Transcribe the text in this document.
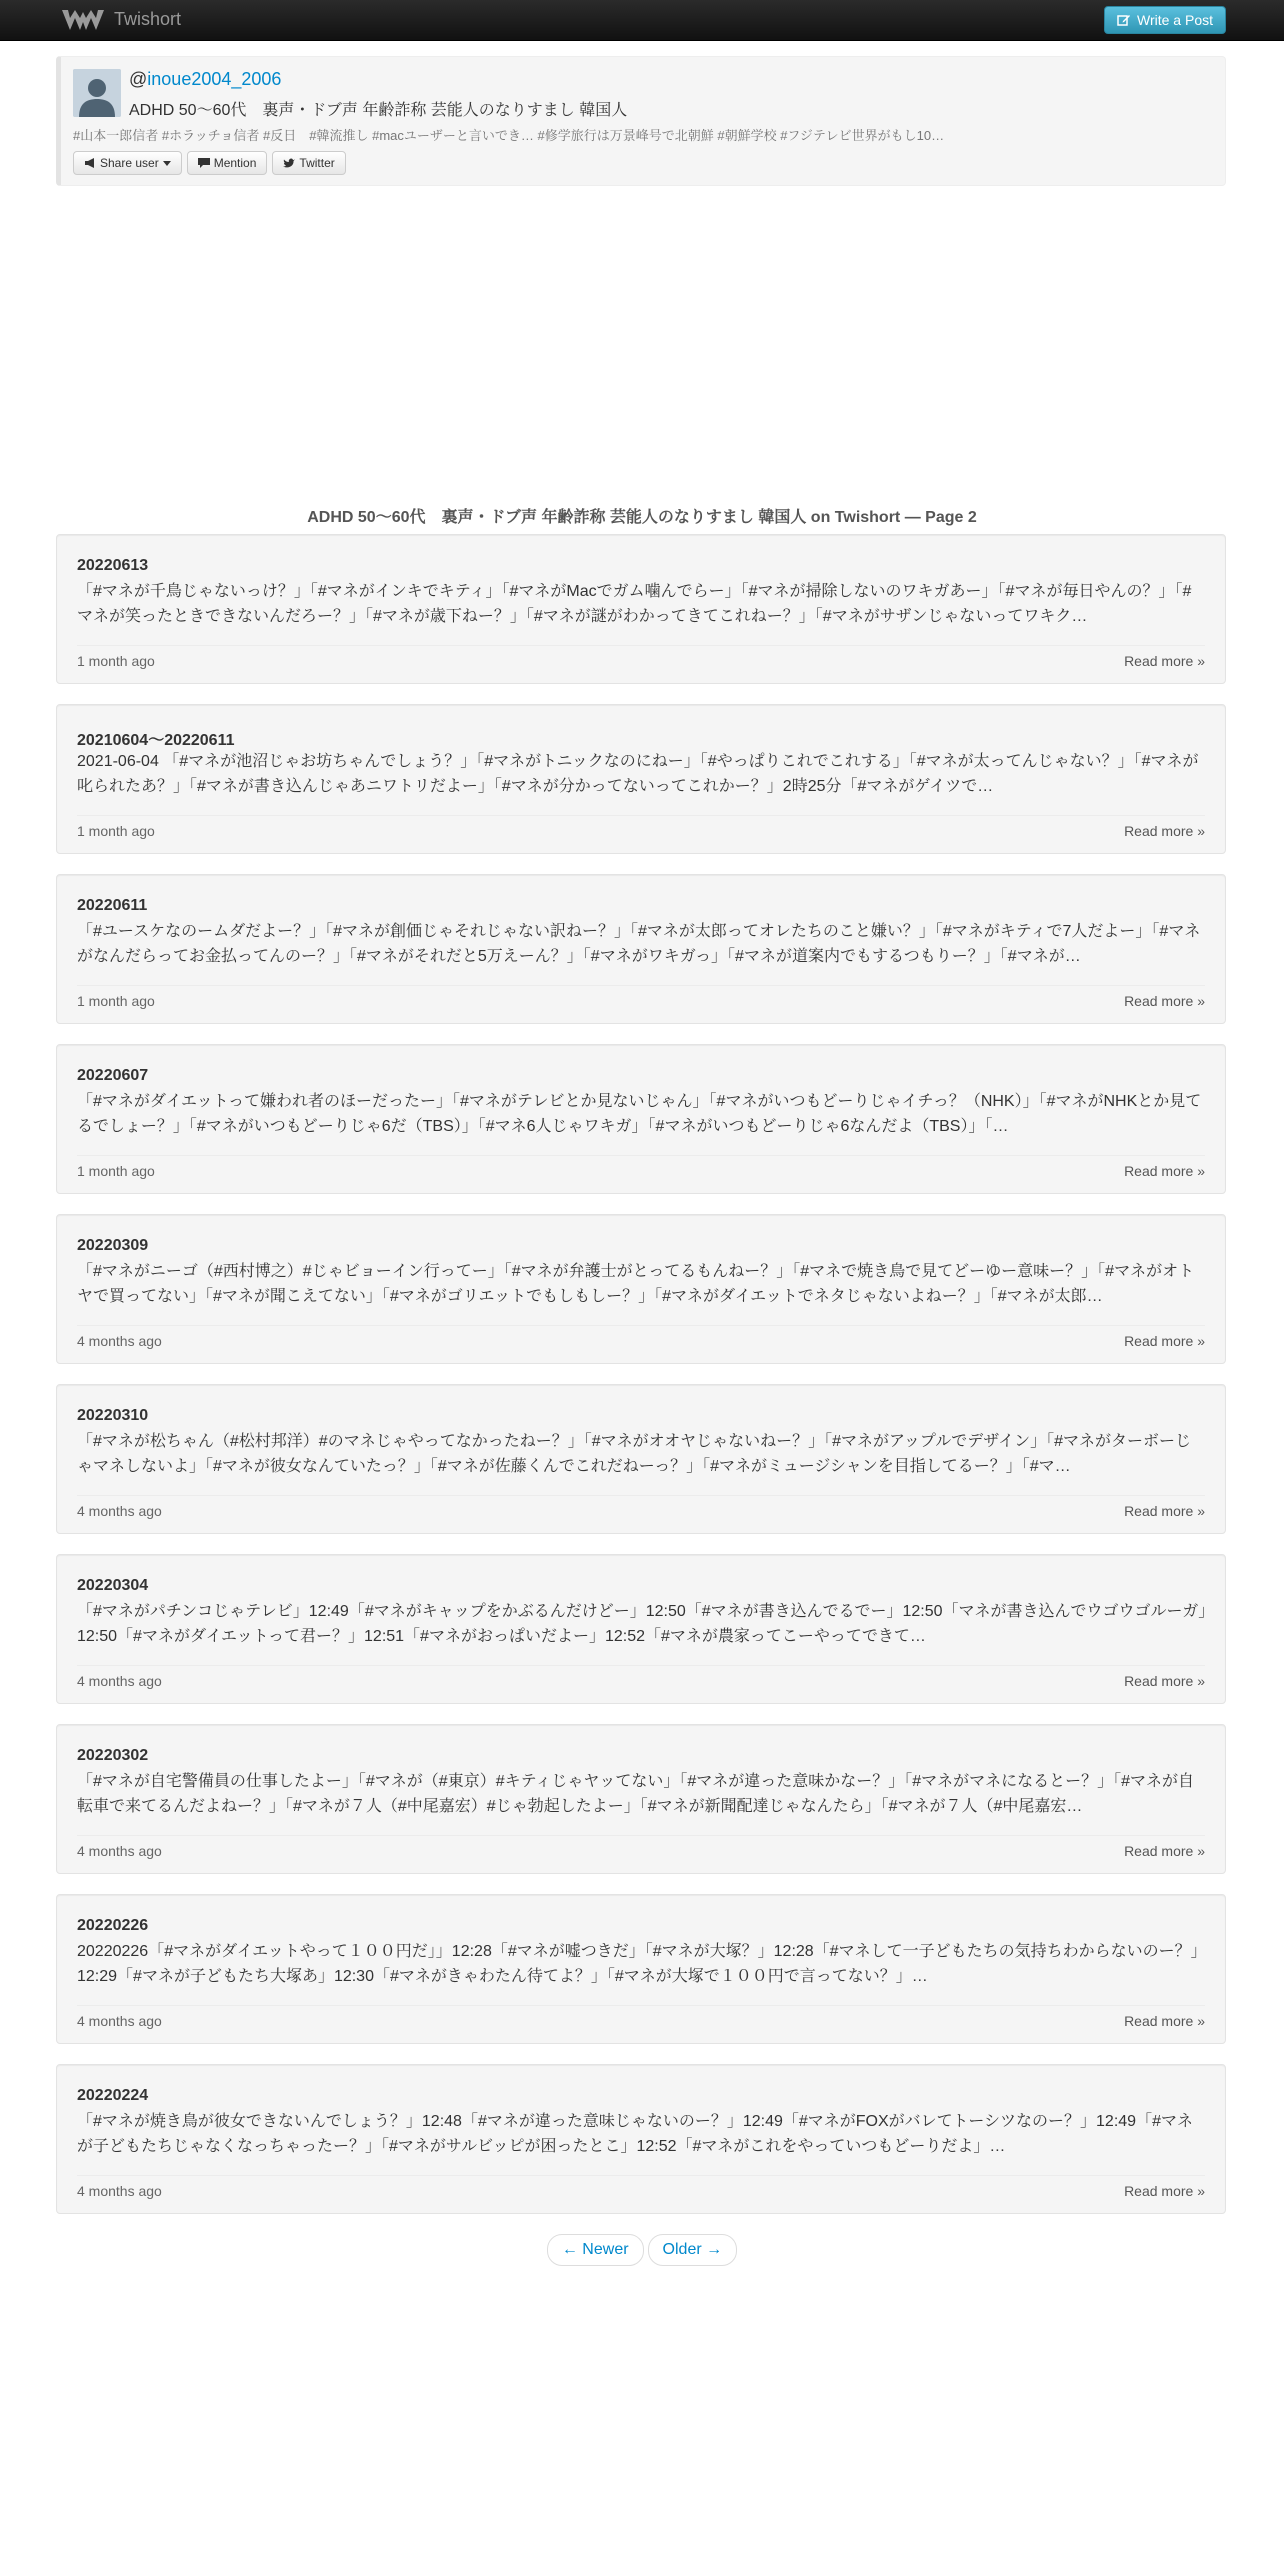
Twishort	Write a Post
@inoue2004_2006
ADHD 50～60代　裏声・ドブ声 年齢詐称 芸能人のなりすまし 韓国人
#山本一郎信者 #ホラッチョ信者 #反日　#韓流推し #macユーザーと言いでき… #修学旅行は万景峰号で北朝鮮 #朝鮮学校 #フジテレビ世界がもし10…
Share user	Mention	Twitter
ADHD 50～60代　裏声・ドブ声 年齢詐称 芸能人のなりすまし 韓国人 on Twishort — Page 2
20220613
「#マネが千鳥じゃないっけ？」「#マネがインキでキティ」「#マネがMacでガム噛んでらー」「#マネが掃除しないのワキガあー」「#マネが毎日やんの？」「#マネが笑ったときできないんだろー？」「#マネが歳下ねー？」「#マネが謎がわかってきてこれねー？」「#マネがサザンじゃないってワキク…
1 month ago	Read more »
20210604～20220611
2021-06-04 「#マネが池沼じゃお坊ちゃんでしょう？」「#マネがトニックなのにねー」「#やっぱりこれでこれする」「#マネが太ってんじゃない？」「#マネが叱られたあ？」「#マネが書き込んじゃあニワトリだよー」「#マネが分かってないってこれかー？」2時25分「#マネがゲイツで…
1 month ago	Read more »
20220611
「#ユースケなのームダだよー？」「#マネが創価じゃそれじゃない訳ねー？」「#マネが太郎ってオレたちのこと嫌い？」「#マネがキティで7人だよー」「#マネがなんだらってお金払ってんのー？」「#マネがそれだと5万えーん？」「#マネがワキガっ」「#マネが道案内でもするつもりー？」「#マネが…
1 month ago	Read more »
20220607
「#マネがダイエットって嫌われ者のほーだったー」「#マネがテレビとか見ないじゃん」「#マネがいつもどーりじゃイチっ？（NHK）」「#マネがNHKとか見てるでしょー？」「#マネがいつもどーりじゃ6だ（TBS）」「#マネ6人じゃワキガ」「#マネがいつもどーりじゃ6なんだよ（TBS）」「…
1 month ago	Read more »
20220309
「#マネがニーゴ（#西村博之）#じゃビョーイン行ってー」「#マネが弁護士がとってるもんねー？」「#マネで焼き鳥で見てどーゆー意味ー？」「#マネがオトヤで買ってない」「#マネが聞こえてない」「#マネがゴリエットでもしもしー？」「#マネがダイエットでネタじゃないよねー？」「#マネが太郎…
4 months ago	Read more »
20220310
「#マネが松ちゃん（#松村邦洋）#のマネじゃやってなかったねー？」「#マネがオオヤじゃないねー？」「#マネがアップルでデザイン」「#マネがターボーじゃマネしないよ」「#マネが彼女なんていたっ？」「#マネが佐藤くんでこれだねーっ？」「#マネがミュージシャンを目指してるー？」「#マ…
4 months ago	Read more »
20220304
「#マネがパチンコじゃテレビ」12:49「#マネがキャップをかぶるんだけどー」12:50「#マネが書き込んでるでー」12:50「マネが書き込んでウゴウゴルーガ」12:50「#マネがダイエットって君ー？」12:51「#マネがおっぱいだよー」12:52「#マネが農家ってこーやってできて…
4 months ago	Read more »
20220302
「#マネが自宅警備員の仕事したよー」「#マネが（#東京）#キティじゃヤッてない」「#マネが違った意味かなー？」「#マネがマネになるとー？」「#マネが自転車で来てるんだよねー？」「#マネが７人（#中尾嘉宏）#じゃ勃起したよー」「#マネが新聞配達じゃなんたら」「#マネが７人（#中尾嘉宏…
4 months ago	Read more »
20220226
20220226「#マネがダイエットやって１００円だ」」12:28「#マネが嘘つきだ」「#マネが大塚？」12:28「#マネして一子どもたちの気持ちわからないのー？」12:29「#マネが子どもたち大塚あ」12:30「#マネがきゃわたん待てよ？」「#マネが大塚で１００円で言ってない？」…
4 months ago	Read more »
20220224
「#マネが焼き鳥が彼女できないんでしょう？」12:48「#マネが違った意味じゃないのー？」12:49「#マネがFOXがバレてトーシツなのー？」12:49「#マネが子どもたちじゃなくなっちゃったー？」「#マネがサルビッピが困ったとこ」12:52「#マネがこれをやっていつもどーりだよ」…
4 months ago	Read more »
← Newer	Older →
